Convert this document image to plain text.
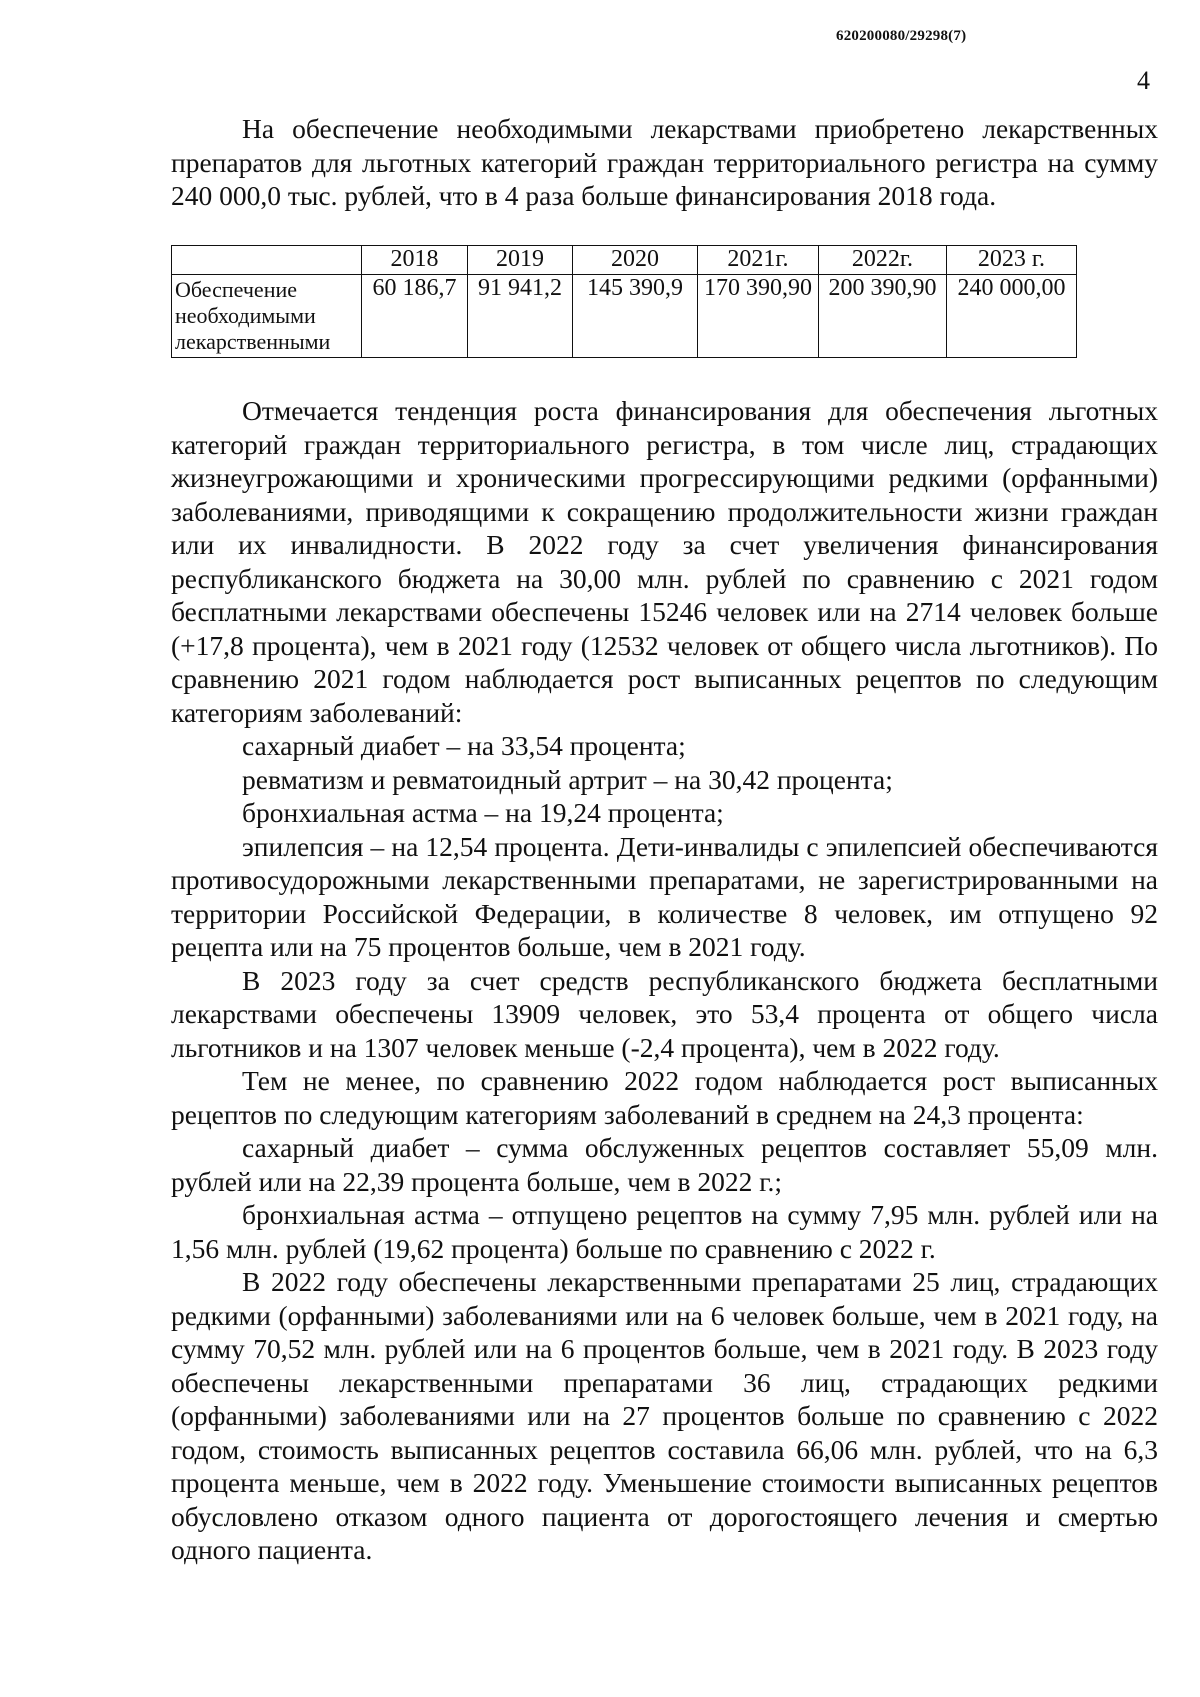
620200080/29298(7)
4

На обеспечение необходимыми лекарствами приобретено лекарственных препаратов для льготных категорий граждан территориального регистра на сумму 240 000,0 тыс. рублей, что в 4 раза больше финансирования 2018 года.

	2018	2019	2020	2021г.	2022г.	2023 г.
Обеспечение необходимыми лекарственными	60 186,7	91 941,2	145 390,9	170 390,90	200 390,90	240 000,00

Отмечается тенденция роста финансирования для обеспечения льготных категорий граждан территориального регистра, в том числе лиц, страдающих жизнеугрожающими и хроническими прогрессирующими редкими (орфанными) заболеваниями, приводящими к сокращению продолжительности жизни граждан или их инвалидности. В 2022 году за счет увеличения финансирования республиканского бюджета на 30,00 млн. рублей по сравнению с 2021 годом бесплатными лекарствами обеспечены 15246 человек или на 2714 человек больше (+17,8 процента), чем в 2021 году (12532 человек от общего числа льготников). По сравнению 2021 годом наблюдается рост выписанных рецептов по следующим категориям заболеваний:

сахарный диабет – на 33,54 процента;

ревматизм и ревматоидный артрит – на 30,42 процента;

бронхиальная астма – на 19,24 процента;

эпилепсия – на 12,54 процента. Дети-инвалиды с эпилепсией обеспечиваются противосудорожными лекарственными препаратами, не зарегистрированными на территории Российской Федерации, в количестве 8 человек, им отпущено 92 рецепта или на 75 процентов больше, чем в 2021 году.

В 2023 году за счет средств республиканского бюджета бесплатными лекарствами обеспечены 13909 человек, это 53,4 процента от общего числа льготников и на 1307 человек меньше (-2,4 процента), чем в 2022 году.

Тем не менее, по сравнению 2022 годом наблюдается рост выписанных рецептов по следующим категориям заболеваний в среднем на 24,3 процента:

сахарный диабет – сумма обслуженных рецептов составляет 55,09 млн. рублей или на 22,39 процента больше, чем в 2022 г.;

бронхиальная астма – отпущено рецептов на сумму 7,95 млн. рублей или на 1,56 млн. рублей (19,62 процента) больше по сравнению с 2022 г.

В 2022 году обеспечены лекарственными препаратами 25 лиц, страдающих редкими (орфанными) заболеваниями или на 6 человек больше, чем в 2021 году, на сумму 70,52 млн. рублей или на 6 процентов больше, чем в 2021 году. В 2023 году обеспечены лекарственными препаратами 36 лиц, страдающих редкими (орфанными) заболеваниями или на 27 процентов больше по сравнению с 2022 годом, стоимость выписанных рецептов составила 66,06 млн. рублей, что на 6,3 процента меньше, чем в 2022 году. Уменьшение стоимости выписанных рецептов обусловлено отказом одного пациента от дорогостоящего лечения и смертью одного пациента.
